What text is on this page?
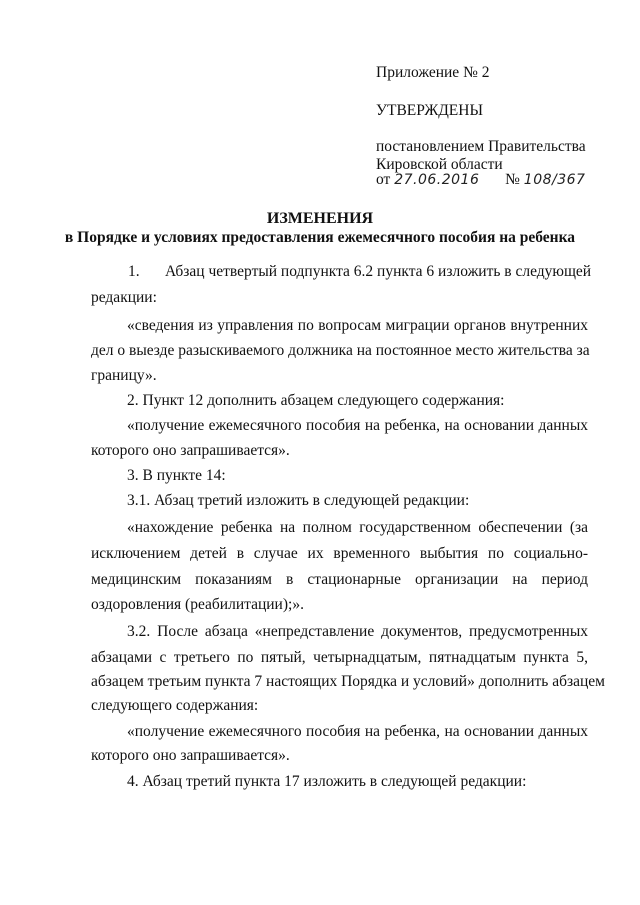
Приложение № 2
УТВЕРЖДЕНЫ
постановлением Правительства
Кировской области
от 27.06.2016 № 108/367
ИЗМЕНЕНИЯ
в Порядке и условиях предоставления ежемесячного пособия на ребенка
1. Абзац четвертый подпункта 6.2 пункта 6 изложить в следующей
редакции:
«сведения из управления по вопросам миграции органов внутренних
дел о выезде разыскиваемого должника на постоянное место жительства за
границу».
2. Пункт 12 дополнить абзацем следующего содержания:
«получение ежемесячного пособия на ребенка, на основании данных
которого оно запрашивается».
3. В пункте 14:
3.1. Абзац третий изложить в следующей редакции:
«нахождение ребенка на полном государственном обеспечении (за
исключением детей в случае их временного выбытия по социально-
медицинским показаниям в стационарные организации на период
оздоровления (реабилитации);».
3.2. После абзаца «непредставление документов, предусмотренных
абзацами с третьего по пятый, четырнадцатым, пятнадцатым пункта 5,
абзацем третьим пункта 7 настоящих Порядка и условий» дополнить абзацем
следующего содержания:
«получение ежемесячного пособия на ребенка, на основании данных
которого оно запрашивается».
4. Абзац третий пункта 17 изложить в следующей редакции:
